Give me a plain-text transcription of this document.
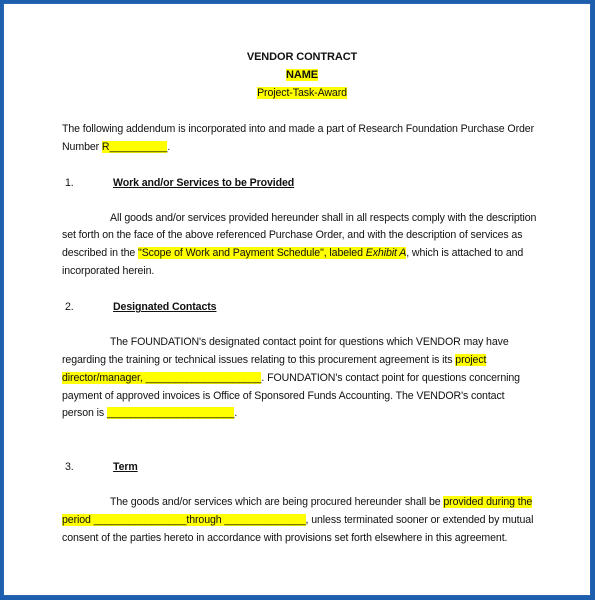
VENDOR CONTRACT
NAME
Project-Task-Award
The following addendum is incorporated into and made a part of Research Foundation Purchase Order
Number R__________.
1.	Work and/or Services to be Provided
All goods and/or services provided hereunder shall in all respects comply with the description
set forth on the face of the above referenced Purchase Order, and with the description of services as
described in the "Scope of Work and Payment Schedule", labeled Exhibit A, which is attached to and
incorporated herein.
2.	Designated Contacts
The FOUNDATION's designated contact point for questions which VENDOR may have
regarding the training or technical issues relating to this procurement agreement is its project
director/manager, ____________________. FOUNDATION's contact point for questions concerning
payment of approved invoices is Office of Sponsored Funds Accounting. The VENDOR's contact
person is ______________________.
3.	Term
The goods and/or services which are being procured hereunder shall be provided during the
period ________________through ______________, unless terminated sooner or extended by mutual
consent of the parties hereto in accordance with provisions set forth elsewhere in this agreement.
